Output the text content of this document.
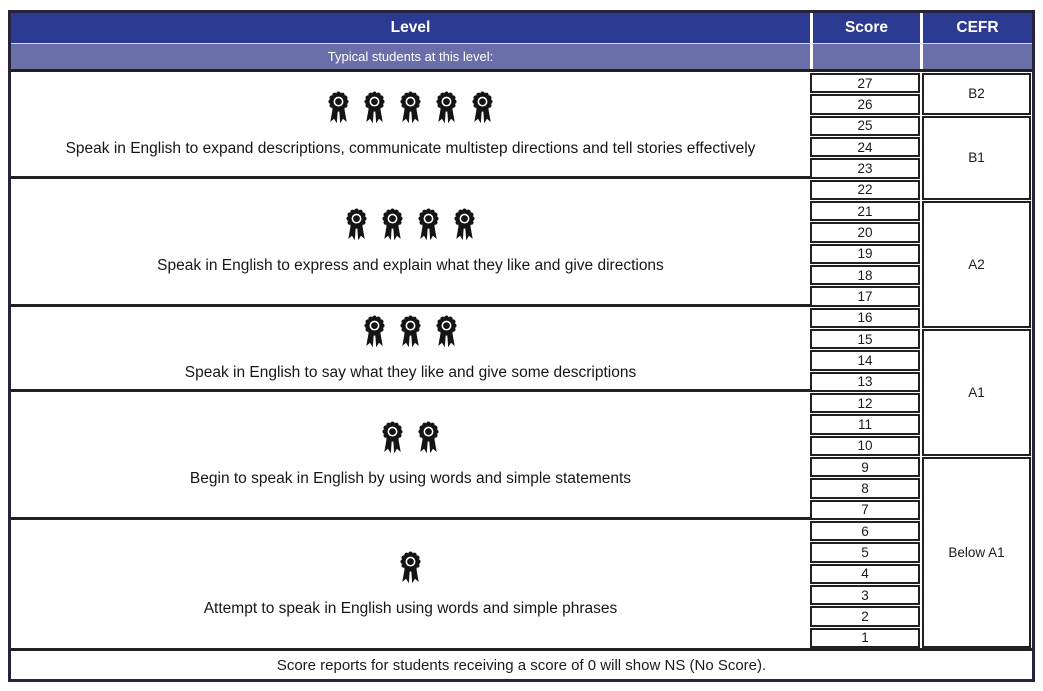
Level	Score	CEFR
Typical students at this level:
Speak in English to expand descriptions, communicate multistep directions and tell stories effectively
Speak in English to express and explain what they like and give directions
Speak in English to say what they like and give some descriptions
Begin to speak in English by using words and simple statements
Attempt to speak in English using words and simple phrases
27
26
25
24
23
22
21
20
19
18
17
16
15
14
13
12
11
10
9
8
7
6
5
4
3
2
1
B2
B1
A2
A1
Below A1
Score reports for students receiving a score of 0 will show NS (No Score).
